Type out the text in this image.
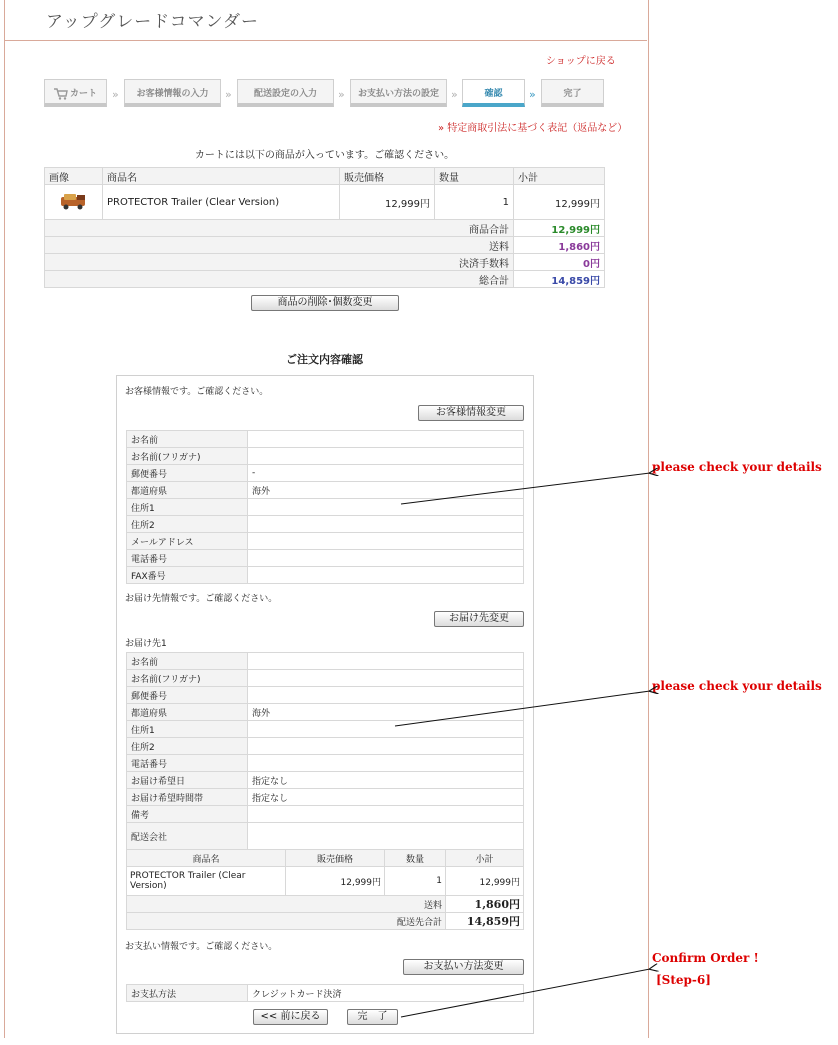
アップグレードコマンダー
ショップに戻る
カート	»	お客様情報の入力	»	配送設定の入力	»	お支払い方法の設定	»	確認	»	完了
» 特定商取引法に基づく表記（返品など）
カートには以下の商品が入っています。ご確認ください。
画像	商品名	販売価格	数量	小計
	PROTECTOR Trailer (Clear Version)	12,999円	1	12,999円
商品合計				12,999円
送料				1,860円
決済手数料				0円
総合計				14,859円
商品の削除･個数変更
ご注文内容確認
お客様情報です。ご確認ください。
お客様情報変更
お名前	
お名前(フリガナ)	
郵便番号	-
都道府県	海外
住所1	
住所2	
メールアドレス	
電話番号	
FAX番号	
お届け先情報です。ご確認ください。
お届け先変更
お届け先1
お名前	
お名前(フリガナ)	
郵便番号	
都道府県	海外
住所1	
住所2	
電話番号	
お届け希望日	指定なし
お届け希望時間帯	指定なし
備考	
配送会社	
商品名	販売価格	数量	小計
PROTECTOR Trailer (Clear Version)	12,999円	1	12,999円
送料			1,860円
配送先合計			14,859円
お支払い情報です。ご確認ください。
お支払い方法変更
お支払方法	クレジットカード決済
<< 前に戻る	完　了
please check your details
please check your details
Confirm Order !
[Step-6]
